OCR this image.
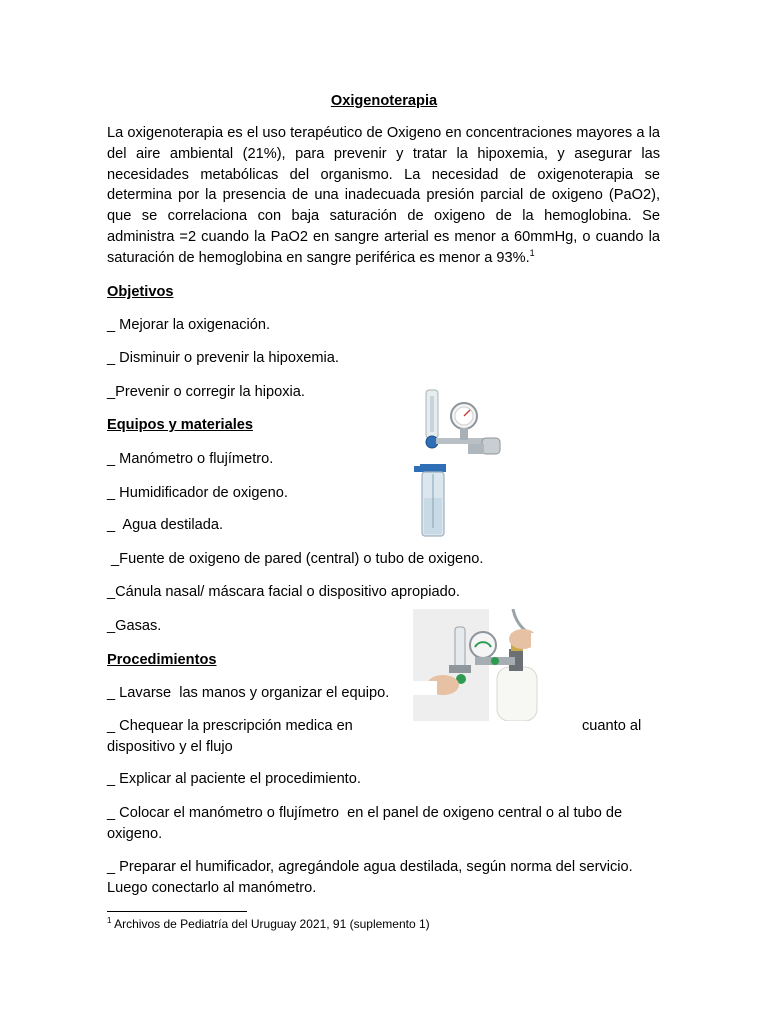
Oxigenoterapia
La oxigenoterapia es el uso terapéutico de Oxigeno en concentraciones mayores a la del aire ambiental (21%), para prevenir y tratar la hipoxemia, y asegurar las necesidades metabólicas del organismo. La necesidad de oxigenoterapia se determina por la presencia de una inadecuada presión parcial de oxigeno (PaO2), que se correlaciona con baja saturación de oxigeno de la hemoglobina. Se administra =2 cuando la PaO2 en sangre arterial es menor a 60mmHg, o cuando la saturación de hemoglobina en sangre periférica es menor a 93%.$^1$
Objetivos
_ Mejorar la oxigenación.
_ Disminuir o prevenir la hipoxemia.
_Prevenir o corregir la hipoxia.
Equipos y materiales
_ Manómetro o flujímetro.
_ Humidificador de oxigeno.
_  Agua destilada.
_Fuente de oxigeno de pared (central) o tubo de oxigeno.
_Cánula nasal/ máscara facial o dispositivo apropiado.
_Gasas.
Procedimientos
_ Lavarse  las manos y organizar el equipo.
_ Chequear la prescripción medica en	cuanto al
dispositivo y el flujo
_ Explicar al paciente el procedimiento.
_ Colocar el manómetro o flujímetro  en el panel de oxigeno central o al tubo de
oxigeno.
_ Preparar el humificador, agregándole agua destilada, según norma del servicio.
Luego conectarlo al manómetro.
$^1$ Archivos de Pediatría del Uruguay 2021, 91 (suplemento 1)
